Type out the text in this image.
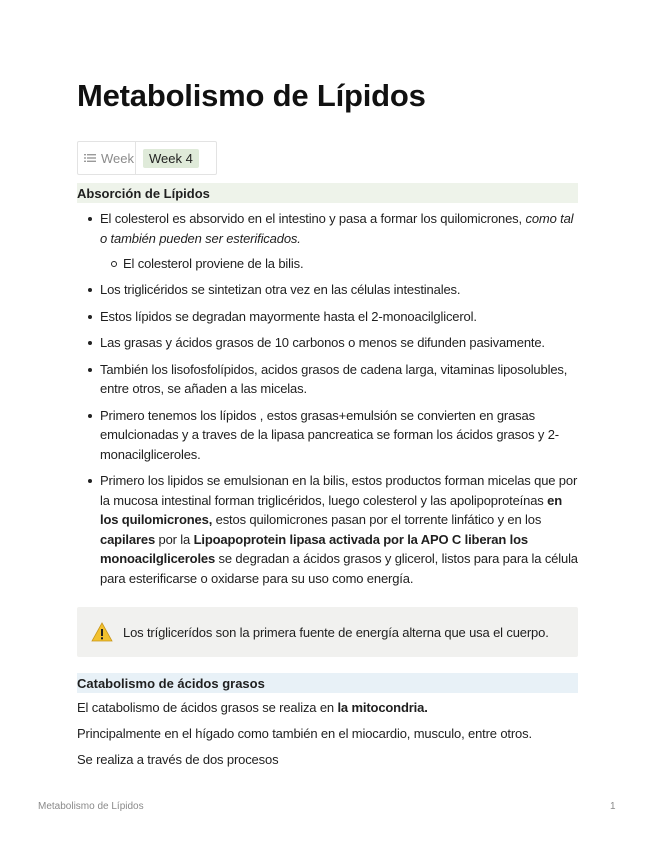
Metabolismo de Lípidos
Week	Week 4
Absorción de Lípidos
El colesterol es absorvido en el intestino y pasa a formar los quilomicrones, como tal o también pueden ser esterificados.
El colesterol proviene de la bilis.
Los triglicéridos se sintetizan otra vez en las células intestinales.
Estos lípidos se degradan mayormente hasta el 2-monoacilglicerol.
Las grasas y ácidos grasos de 10 carbonos o menos se difunden pasivamente.
También los lisofosfolípidos, acidos grasos de cadena larga, vitaminas liposolubles, entre otros, se añaden a las micelas.
Primero tenemos los lípidos , estos grasas+emulsión se convierten en grasas emulcionadas y a traves de la lipasa pancreatica se forman los ácidos grasos y 2-monacilglicerolеs.
Primero los lipidos se emulsionan en la bilis, estos productos forman micelas que por la mucosa intestinal forman triglicéridos, luego colesterol y las apolipoproteínas en los quilomicrones, estos quilomicrones pasan por el torrente linfático y en los capilares por la Lipoapoprotein lipasa activada por la APO C liberan los monoacilgliceroles se degradan a ácidos grasos y glicerol, listos para para la célula para esterificarse o oxidarse para su uso como energía.
Los tríglicerídos son la primera fuente de energía alterna que usa el cuerpo.
Catabolismo de ácidos grasos
El catabolismo de ácidos grasos se realiza en la mitocondria.
Principalmente en el hígado como también en el miocardio, musculo, entre otros.
Se realiza a través de dos procesos
Metabolismo de Lípidos	1
